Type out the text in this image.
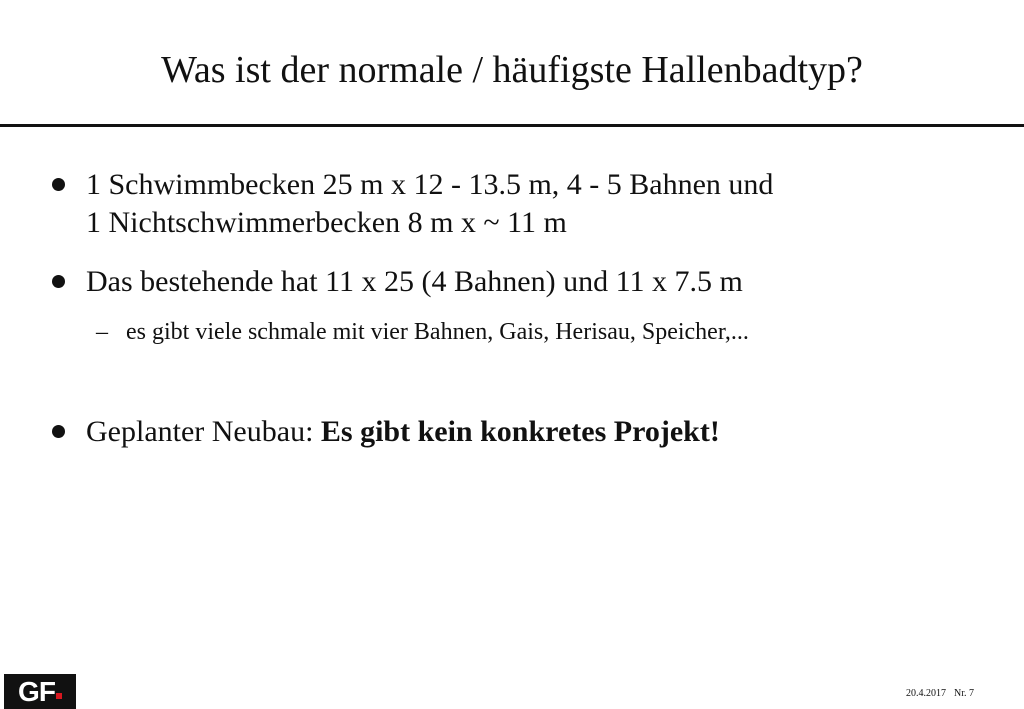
Was ist der normale / häufigste Hallenbadtyp?
1 Schwimmbecken 25 m x 12 - 13.5 m, 4 - 5 Bahnen und
1 Nichtschwimmerbecken 8 m x ~ 11 m
Das bestehende hat 11 x 25 (4 Bahnen) und 11 x 7.5 m
– es gibt viele schmale mit vier Bahnen, Gais, Herisau, Speicher,...
Geplanter Neubau: Es gibt kein konkretes Projekt!
GF	20.4.2017 Nr. 7
